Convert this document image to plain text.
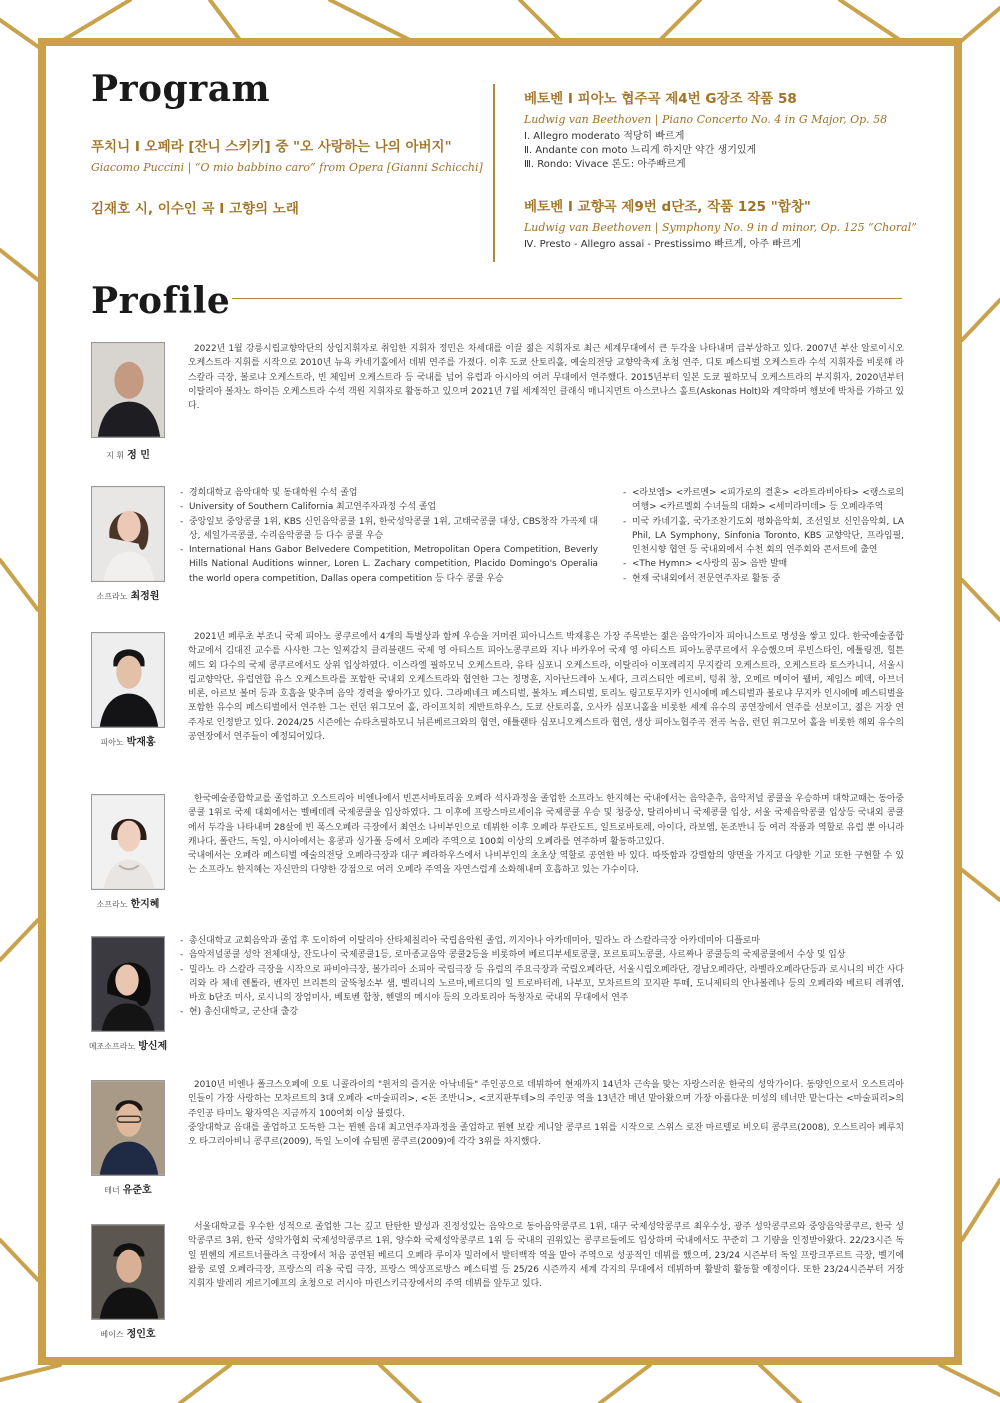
Program
푸치니 Ⅰ 오페라 [잔니 스키키] 중 "오 사랑하는 나의 아버지"
Giacomo Puccini | “O mio babbino caro” from Opera [Gianni Schicchi]
김재호 시, 이수인 곡 Ⅰ 고향의 노래
베토벤 Ⅰ 피아노 협주곡 제4번 G장조 작품 58
Ludwig van Beethoven | Piano Concerto No. 4 in G Major, Op. 58
Ⅰ. Allegro moderato 적당히 빠르게
Ⅱ. Andante con moto 느리게 하지만 약간 생기있게
Ⅲ. Rondo: Vivace 론도: 아주빠르게
베토벤 Ⅰ 교향곡 제9번 d단조, 작품 125 "합창"
Ludwig van Beethoven | Symphony No. 9 in d minor, Op. 125 “Choral”
Ⅳ. Presto - Allegro assai - Prestissimo 빠르게, 아주 빠르게
Profile
지 휘 정 민

2022년 1월 강릉시립교향악단의 상임지휘자로 취임한 지휘자 정민은 차세대를 이끌 젊은 지휘자로 최근 세계무대에서 큰 두각을 나타내며 급부상하고 있다. 2007년 부산 알로이시오 오케스트라 지휘를 시작으로 2010년 뉴욕 카네기홀에서 데뷔 연주를 가졌다. 이후 도쿄 산토리홀, 예술의전당 교향악축제 초청 연주, 디토 페스티벌 오케스트라 수석 지휘자를 비롯해 라 스칼라 극장, 볼로냐 오케스트라, 빈 체임버 오케스트라 등 국내를 넘어 유럽과 아시아의 여러 무대에서 연주했다. 2015년부터 일본 도쿄 필하모닉 오케스트라의 부지휘자, 2020년부터 이탈리아 볼차노 하이든 오케스트라 수석 객원 지휘자로 활동하고 있으며 2021년 7월 세계적인 클래식 매니지먼트 아스코나스 홀트(Askonas Holt)와 계약하며 행보에 박차를 가하고 있다.

소프라노 최정원
- 경희대학교 음악대학 및 동대학원 수석 졸업
- University of Southern California 최고연주자과정 수석 졸업
- 중앙일보 중앙콩쿨 1위, KBS 신인음악콩쿨 1위, 한국성악콩쿨 1위, 고태국콩쿨 대상, CBS창작 가곡제 대상, 세일가곡콩쿨, 수리음악콩쿨 등 다수 콩쿨 우승
- International Hans Gabor Belvedere Competition, Metropolitan Opera Competition, Beverly Hills National Auditions winner, Loren L. Zachary competition, Placido Domingo's Operalia the world opera competition, Dallas opera competition 등 다수 콩쿨 우승
- <라보엠> <카르멘> <피가로의 결혼> <라트라비아타> <랭스로의 여행> <카르멜회 수녀들의 대화> <세미라미데> 등 오페라주역
- 미국 카네기홀, 국가조찬기도회 평화음악회, 조선일보 신인음악회, LA Phil, LA Symphony, Sinfonia Toronto, KBS 교향악단, 프라임필, 인천시향 협연 등 국내외에서 수천 회의 연주회와 콘서트에 출연
- <The Hymn> <사랑의 꿈> 음반 발매
- 현재 국내외에서 전문연주자로 활동 중
피아노 박재홍

2021년 페루초 부조니 국제 피아노 콩쿠르에서 4개의 특별상과 함께 우승을 거머쥔 피아니스트 박재홍은 가장 주목받는 젊은 음악가이자 피아니스트로 명성을 쌓고 있다. 한국예술종합학교에서 김대진 교수를 사사한 그는 일찌감치 클리블랜드 국제 영 아티스트 피아노콩쿠르와 지나 바카우어 국제 영 아티스트 피아노콩쿠르에서 우승했으며 루빈스타인, 에틀링겐, 힐튼 헤드 외 다수의 국제 콩쿠르에서도 상위 입상하였다. 이스라엘 필하모닉 오케스트라, 유타 심포니 오케스트라, 이탈리아 이포레리지 무지칼리 오케스트라, 오케스트라 토스카니니, 서울시립교향악단, 유럽연합 유스 오케스트라를 포함한 국내외 오케스트라와 협연한 그는 정명훈, 지아난드레아 노세다, 크리스티안 예르비, 텅취 창, 오메르 메이어 웰버, 제임스 페덱, 아브너 비론, 아르보 볼머 등과 호흡을 맞추며 음악 경력을 쌓아가고 있다. 그라페네크 페스티벌, 볼차노 페스티벌, 토리노 링고토무지카 인시에메 페스티벌과 볼로냐 무지카 인시에메 페스티벌을 포함한 유수의 페스티벌에서 연주한 그는 런던 위그모어 홀, 라이프치히 게반트하우스, 도쿄 산토리홀, 오사카 심포니홀을 비롯한 세계 유수의 공연장에서 연주를 선보이고, 젊은 거장 연주자로 인정받고 있다. 2024/25 시즌에는 슈타츠필하모니 뉘른베르크와의 협연, 애틀랜타 심포니오케스트라 협연, 생상 피아노협주곡 전곡 녹음, 런던 위그모어 홀을 비롯한 해외 유수의 공연장에서 연주들이 예정되어있다.

소프라노 한지혜

한국예술종합학교를 졸업하고 오스트리아 비엔나에서 빈콘서바토리움 오페라 석사과정을 졸업한 소프라노 한지혜는 국내에서는 음악춘추, 음악저널 콩쿨을 우승하며 대학교때는 동아중콩쿨 1위로 국제 대회에서는 벨베데레 국제콩쿨을 입상하였다. 그 이후에 프랑스마르세이유 국제콩쿨 우승 및 청중상, 탈리아비니 국제콩쿨 입상, 서울 국제음악콩쿨 입상등 국내외 콩쿨에서 두각을 나타내며 28살에 빈 폭스오페라 극장에서 최연소 나비부인으로 데뷔한 이후 오페라 투란도트, 일트로바토레, 아이다, 라보엠, 돈조반니 등 여러 작품과 역할로 유럽 뿐 아니라 캐나다, 폴란드, 독일, 아시아에서는 홍콩과 싱가폴 등에서 오페라 주역으로 100회 이상의 오페라를 연주하며 활동하고있다.

국내에서는 오페라 페스티벌 예술의전당 오페라극장과 대구 페라하우스에서 나비부인의 초초상 역할로 공연한 바 있다. 따뜻함과 강렬함의 양면을 가지고 다양한 기교 또한 구현할 수 있는 소프라노 한지혜는 자신만의 다양한 강점으로 여러 오페라 주역을 자연스럽게 소화해내며 호흡하고 있는 가수이다.

메조소프라노 방신제
- 총신대학교 교회음악과 졸업 후 도이하여 이탈리아 산타체칠리아 국립음악원 졸업, 끼지아나 아카데미아, 밀라노 라 스칼라극장 아카데미아 디플로마
- 음악저널콩쿨 성악 전체대상, 잔도나이 국제콩쿨1등, 로마종교음악 콩쿨2등을 비롯하여 베르디부세토콩쿨, 포르토피노콩쿨, 사르짜나 콩쿨등의 국제콩쿨에서 수상 및 입상
- 밀라노 라 스칼라 극장을 시작으로 파비아극장, 볼가리아 소피아 국립극장 등 유럽의 주요극장과 국립오페라단, 서울시립오페라단, 경남오페라단, 라벨라오페라단등과 로시니의 비간 사다리와 라 체네 렌톨라, 벤자민 브리튼의 굴뚝청소부 샘, 벨리니의 노르마,베르디의 일 트로바터레, 나부꼬, 모차르트의 꼬지판 투떼, 도니제티의 안나볼레나 등의 오페라와 베르티 레퀴엠, 바흐 b단조 미사, 로시니의 장엄미사, 베토벤 합창, 헨델의 메시야 등의 오라토리아 독창자로 국내외 무대에서 연주
- 현) 총신대학교, 군산대 출강
테너 유준호

2010년 비엔나 폴크스오페에 오토 니콜라이의 "윈저의 즐거운 아낙네들" 주인공으로 데뷔하여 현재까지 14년차 근속을 맞는 자랑스러운 한국의 성악가이다. 동양인으로서 오스트리아인들이 가장 사랑하는 모차르트의 3대 오페라 <마술피리>, <돈 조반니>, <코지판투테>의 주인공 역을 13년간 매년 맡아왔으며 가장 아름다운 미성의 테너만 맡는다는 <마술피리>의 주인공 타미노 왕자역은 지금까지 100여회 이상 불렀다.

중앙대학교 음대를 졸업하고 도독한 그는 뮌헨 음대 최고연주자과정을 졸업하고 뮌헨 보칼 게니알 콩쿠르 1위를 시작으로 스위스 로잔 마르텔로 비오티 콩쿠르(2008), 오스트리아 페루치오 타그리아비니 콩쿠르(2009), 독일 노이에 슈팀멘 콩쿠르(2009)에 각각 3위를 차지했다.

베이스 정인호

서울대학교를 우수한 성적으로 졸업한 그는 깊고 탄탄한 발성과 진정성있는 음악으로 동아음악콩쿠르 1위, 대구 국제성악콩쿠르 최우수상, 광주 성악콩쿠르와 중앙음악콩쿠르, 한국 성악콩쿠르 3위, 한국 성악가협회 국제성악콩쿠르 1위, 양수화 국제성악콩쿠르 1위 등 국내의 권위있는 콩쿠르들에도 입상하며 국내에서도 꾸준히 그 기량을 인정받아왔다. 22/23시즌 독일 뮌헨의 게르트너플라츠 극장에서 처음 공연된 베르디 오페라 루이자 밀러에서 발터백작 역을 맡아 주역으로 성공적인 데뷔를 했으며, 23/24 시즌부터 독일 프랑크푸르트 극장, 벨기에 왈룽 로열 오페라극장, 프랑스의 리옹 국립 극장, 프랑스 엑상프로방스 페스티벌 등 25/26 시즌까지 세계 각지의 무대에서 데뷔하며 활발히 활동할 예정이다. 또한 23/24시즌부터 거장 지휘자 발레리 게르기예프의 초청으로 러시아 마린스키극장에서의 주역 데뷔를 앞두고 있다.
